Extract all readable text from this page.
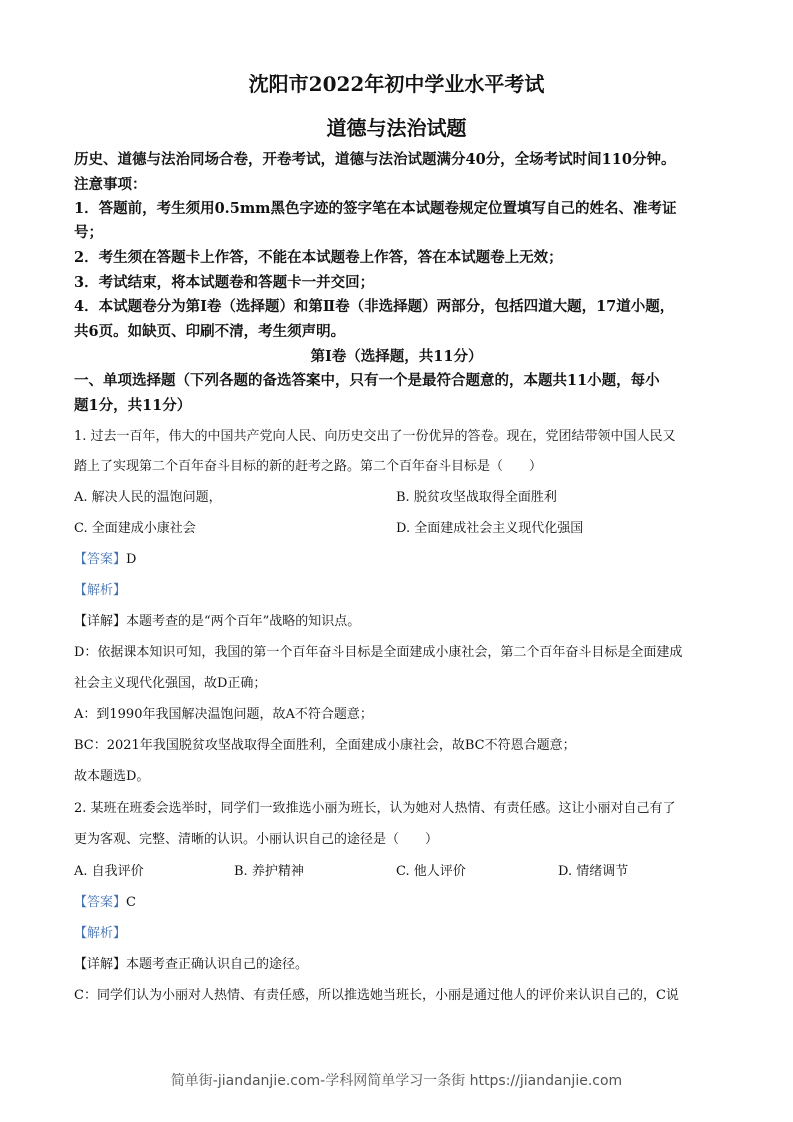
沈阳市2022年初中学业水平考试
道德与法治试题
历史、道德与法治同场合卷，开卷考试，道德与法治试题满分40分，全场考试时间110分钟。
注意事项：
1．答题前，考生须用0.5mm黑色字迹的签字笔在本试题卷规定位置填写自己的姓名、准考证
号；
2．考生须在答题卡上作答，不能在本试题卷上作答，答在本试题卷上无效；
3．考试结束，将本试题卷和答题卡一并交回；
4．本试题卷分为第Ⅰ卷（选择题）和第Ⅱ卷（非选择题）两部分，包括四道大题，17道小题，
共6页。如缺页、印刷不清，考生须声明。
第Ⅰ卷（选择题，共11分）
一、单项选择题（下列各题的备选答案中，只有一个是最符合题意的，本题共11小题，每小
题1分，共11分）
1. 过去一百年，伟大的中国共产党向人民、向历史交出了一份优异的答卷。现在，党团结带领中国人民又
踏上了实现第二个百年奋斗目标的新的赶考之路。第二个百年奋斗目标是（　　）
A. 解决人民的温饱问题，	B. 脱贫攻坚战取得全面胜利
C. 全面建成小康社会	D. 全面建成社会主义现代化强国
【答案】D
【解析】
【详解】本题考查的是“两个百年”战略的知识点。
D：依据课本知识可知，我国的第一个百年奋斗目标是全面建成小康社会，第二个百年奋斗目标是全面建成
社会主义现代化强国，故D正确；
A：到1990年我国解决温饱问题，故A不符合题意；
BC：2021年我国脱贫攻坚战取得全面胜利，全面建成小康社会，故BC不符恩合题意；
故本题选D。
2. 某班在班委会选举时，同学们一致推选小丽为班长，认为她对人热情、有责任感。这让小丽对自己有了
更为客观、完整、清晰的认识。小丽认识自己的途径是（　　）
A. 自我评价	B. 养护精神	C. 他人评价	D. 情绪调节
【答案】C
【解析】
【详解】本题考查正确认识自己的途径。
C：同学们认为小丽对人热情、有责任感，所以推选她当班长，小丽是通过他人的评价来认识自己的，C说
简单街-jiandanjie.com-学科网简单学习一条街 https://jiandanjie.com
